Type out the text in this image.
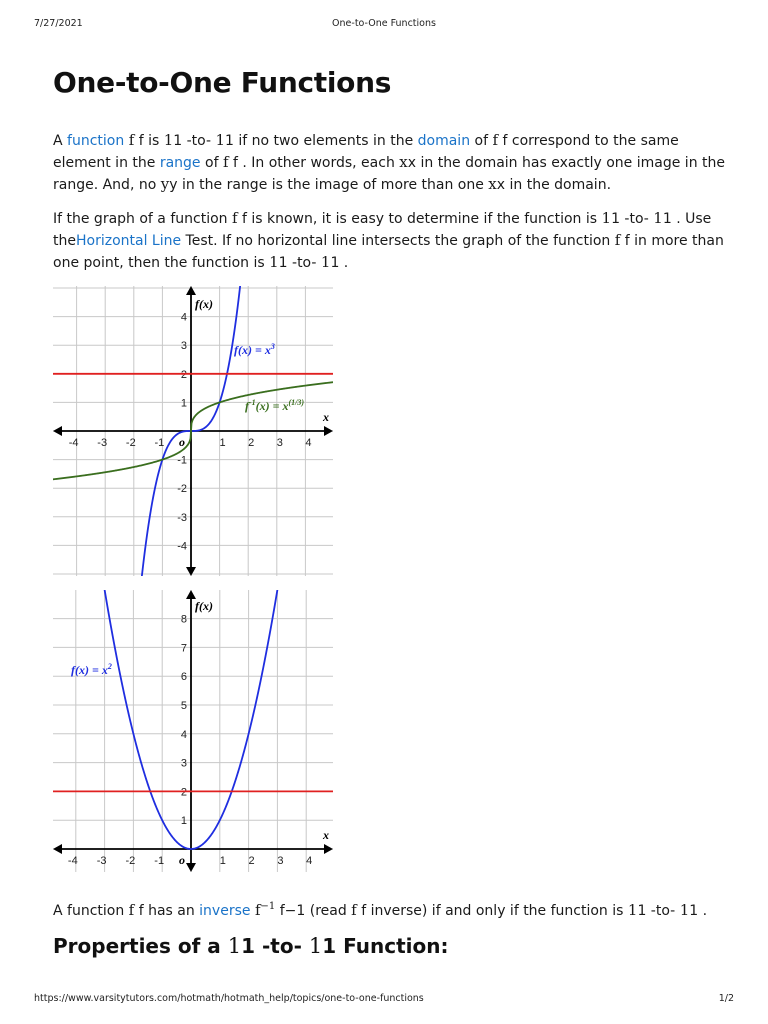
7/27/2021	One-to-One Functions
One-to-One Functions

A function f f is 11 -to- 11 if no two elements in the domain of f f correspond to the same element in the range of f f . In other words, each xx in the domain has exactly one image in the range. And, no yy in the range is the image of more than one xx in the domain.

If the graph of a function f f is known, it is easy to determine if the function is 11 -to- 11 . Use theHorizontal Line Test. If no horizontal line intersects the graph of the function f f in more than one point, then the function is 11 -to- 11 .

-4 -3 -2 -1	1 2 3 4
4
3
2
1
-1
-2
-3
-4
o
x
f(x)
$f(x) = x^3$
$f^{-1}(x) = x^{(1/3)}$
-4 -3 -2 -1	1 2 3 4
8
7
6
5
4
3
2
1
o
x
f(x)
$f(x) = x^2$

A function f f has an inverse $f^{-1}$ f−1 (read f f inverse) if and only if the function is 11 -to- 11 .

Properties of a 11 -to- 11 Function:
https://www.varsitytutors.com/hotmath/hotmath_help/topics/one-to-one-functions	1/2
